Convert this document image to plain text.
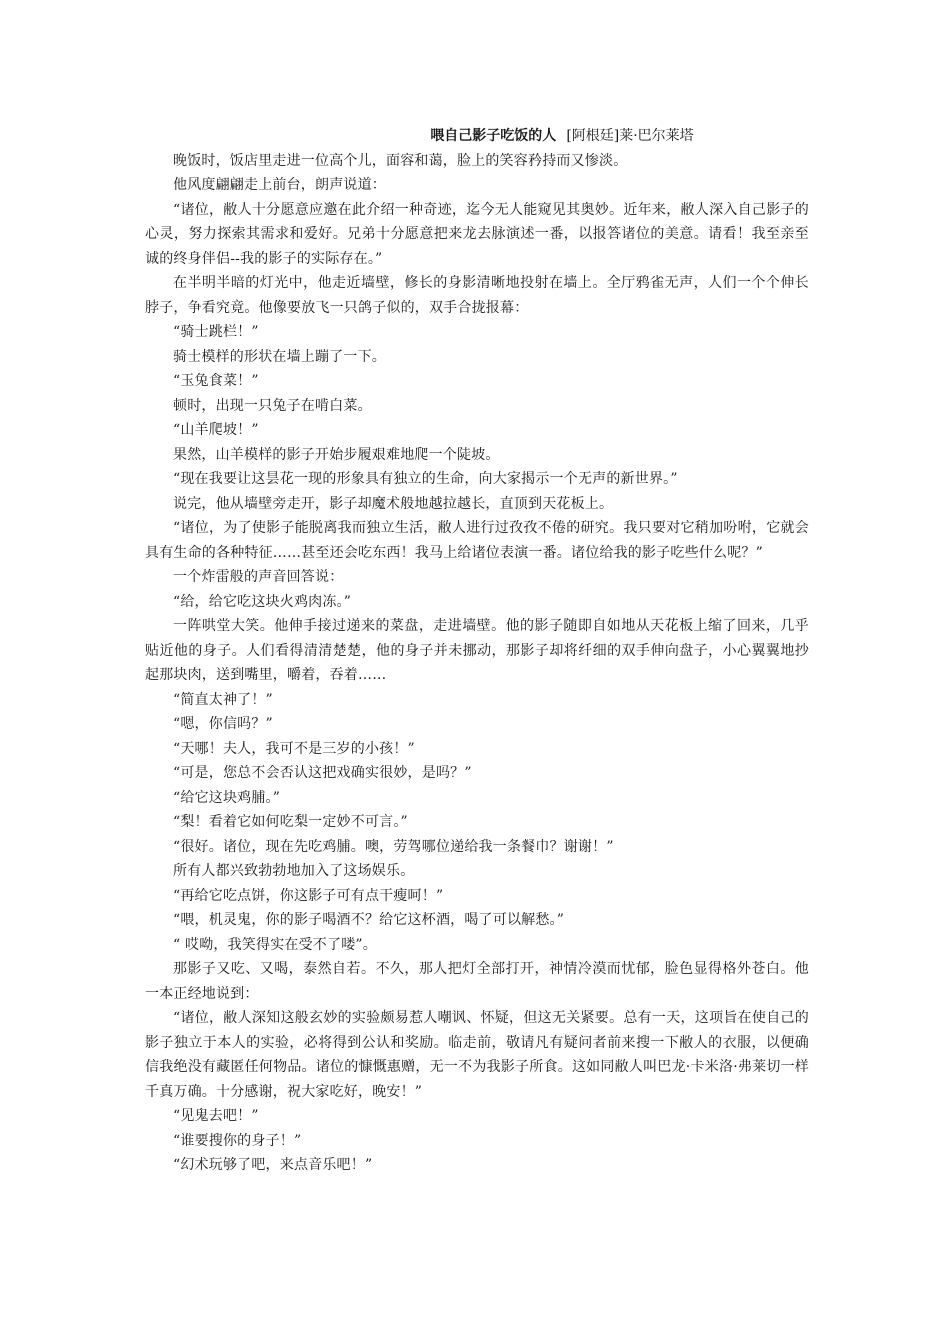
喂自己影子吃饭的人 [阿根廷]莱·巴尔莱塔

晚饭时，饭店里走进一位高个儿，面容和蔼，脸上的笑容矜持而又惨淡。

他风度翩翩走上前台，朗声说道：

“诸位，敝人十分愿意应邀在此介绍一种奇迹，迄今无人能窥见其奥妙。近年来，敝人深入自己影子的心灵，努力探索其需求和爱好。兄弟十分愿意把来龙去脉演述一番，以报答诸位的美意。请看！我至亲至诚的终身伴侣--我的影子的实际存在。”

在半明半暗的灯光中，他走近墙壁，修长的身影清晰地投射在墙上。全厅鸦雀无声，人们一个个伸长脖子，争看究竟。他像要放飞一只鸽子似的，双手合拢报幕：

“骑士跳栏！”

骑士模样的形状在墙上蹦了一下。

“玉兔食菜！”

顿时，出现一只兔子在啃白菜。

“山羊爬坡！”

果然，山羊模样的影子开始步履艰难地爬一个陡坡。

“现在我要让这昙花一现的形象具有独立的生命，向大家揭示一个无声的新世界。”

说完，他从墙壁旁走开，影子却魔术般地越拉越长，直顶到天花板上。

“诸位，为了使影子能脱离我而独立生活，敝人进行过孜孜不倦的研究。我只要对它稍加吩咐，它就会具有生命的各种特征……甚至还会吃东西！我马上给诸位表演一番。诸位给我的影子吃些什么呢？”

一个炸雷般的声音回答说：

“给，给它吃这块火鸡肉冻。”

一阵哄堂大笑。他伸手接过递来的菜盘，走进墙壁。他的影子随即自如地从天花板上缩了回来，几乎贴近他的身子。人们看得清清楚楚，他的身子并未挪动，那影子却将纤细的双手伸向盘子，小心翼翼地抄起那块肉，送到嘴里，嚼着，吞着……

“简直太神了！”

“嗯，你信吗？”

“天哪！夫人，我可不是三岁的小孩！”

“可是，您总不会否认这把戏确实很妙，是吗？”

“给它这块鸡脯。”

“梨！看着它如何吃梨一定妙不可言。”

“很好。诸位，现在先吃鸡脯。噢，劳驾哪位递给我一条餐巾？谢谢！”

所有人都兴致勃勃地加入了这场娱乐。

“再给它吃点饼，你这影子可有点干瘦呵！”

“喂，机灵鬼，你的影子喝酒不？给它这杯酒，喝了可以解愁。”

“ 哎呦，我笑得实在受不了喽”。

那影子又吃、又喝，泰然自若。不久，那人把灯全部打开，神情冷漠而忧郁，脸色显得格外苍白。他一本正经地说到：

“诸位，敝人深知这般玄妙的实验颇易惹人嘲讽、怀疑，但这无关紧要。总有一天，这项旨在使自己的影子独立于本人的实验，必将得到公认和奖励。临走前，敬请凡有疑问者前来搜一下敝人的衣服，以便确信我绝没有藏匿任何物品。诸位的慷慨惠赠，无一不为我影子所食。这如同敝人叫巴龙·卡米洛·弗莱切一样千真万确。十分感谢，祝大家吃好，晚安！”

“见鬼去吧！”

“谁要搜你的身子！”

“幻术玩够了吧，来点音乐吧！”
